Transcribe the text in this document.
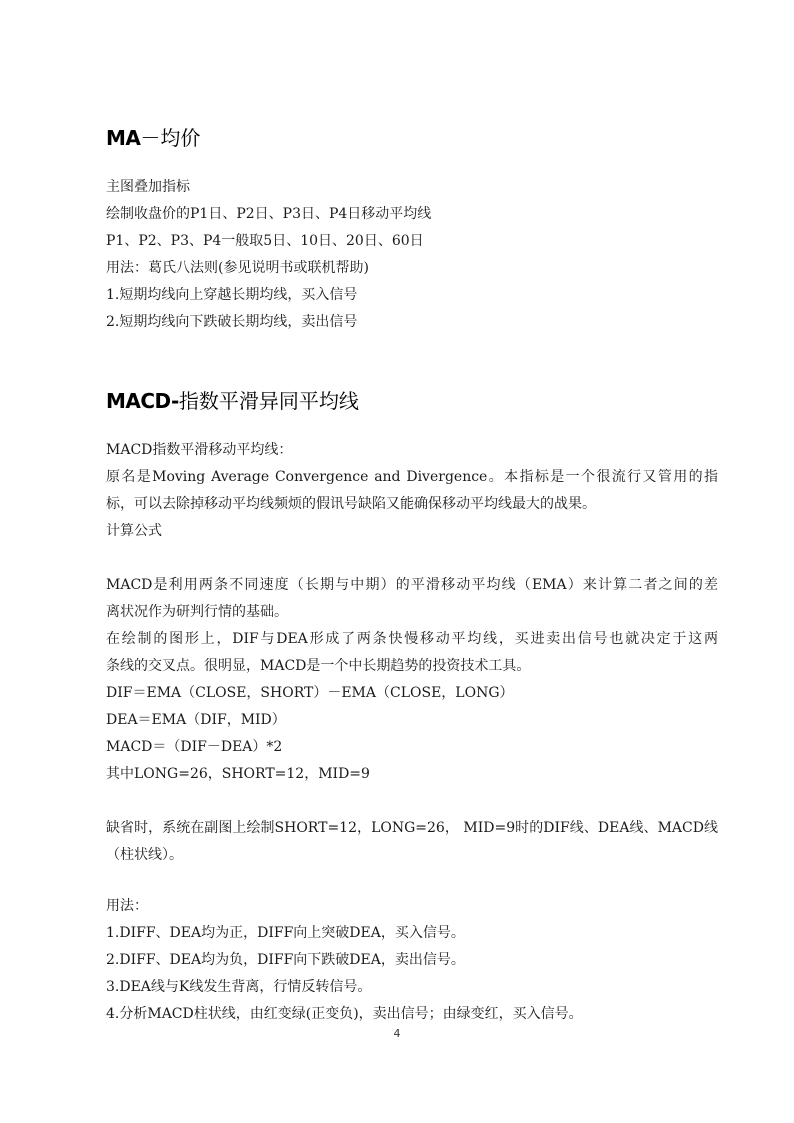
MA－均价
主图叠加指标
绘制收盘价的P1日、P2日、P3日、P4日移动平均线
P1、P2、P3、P4一般取5日、10日、20日、60日
用法：葛氏八法则(参见说明书或联机帮助)
1.短期均线向上穿越长期均线，买入信号
2.短期均线向下跌破长期均线，卖出信号
MACD-指数平滑异同平均线
MACD指数平滑移动平均线：
原名是Moving Average Convergence and Divergence。本指标是一个很流行又管用的指
标，可以去除掉移动平均线频烦的假讯号缺陷又能确保移动平均线最大的战果。
计算公式
MACD是利用两条不同速度（长期与中期）的平滑移动平均线（EMA）来计算二者之间的差
离状况作为研判行情的基础。
在绘制的图形上，DIF与DEA形成了两条快慢移动平均线，买进卖出信号也就决定于这两
条线的交叉点。很明显，MACD是一个中长期趋势的投资技术工具。
DIF＝EMA（CLOSE，SHORT）－EMA（CLOSE，LONG）
DEA＝EMA（DIF，MID）
MACD＝（DIF－DEA）*2
其中LONG=26，SHORT=12，MID=9
缺省时，系统在副图上绘制SHORT=12，LONG=26， MID=9时的DIF线、DEA线、MACD线
（柱状线）。
用法：
1.DIFF、DEA均为正，DIFF向上突破DEA，买入信号。
2.DIFF、DEA均为负，DIFF向下跌破DEA，卖出信号。
3.DEA线与K线发生背离，行情反转信号。
4.分析MACD柱状线，由红变绿(正变负)，卖出信号；由绿变红，买入信号。
4
